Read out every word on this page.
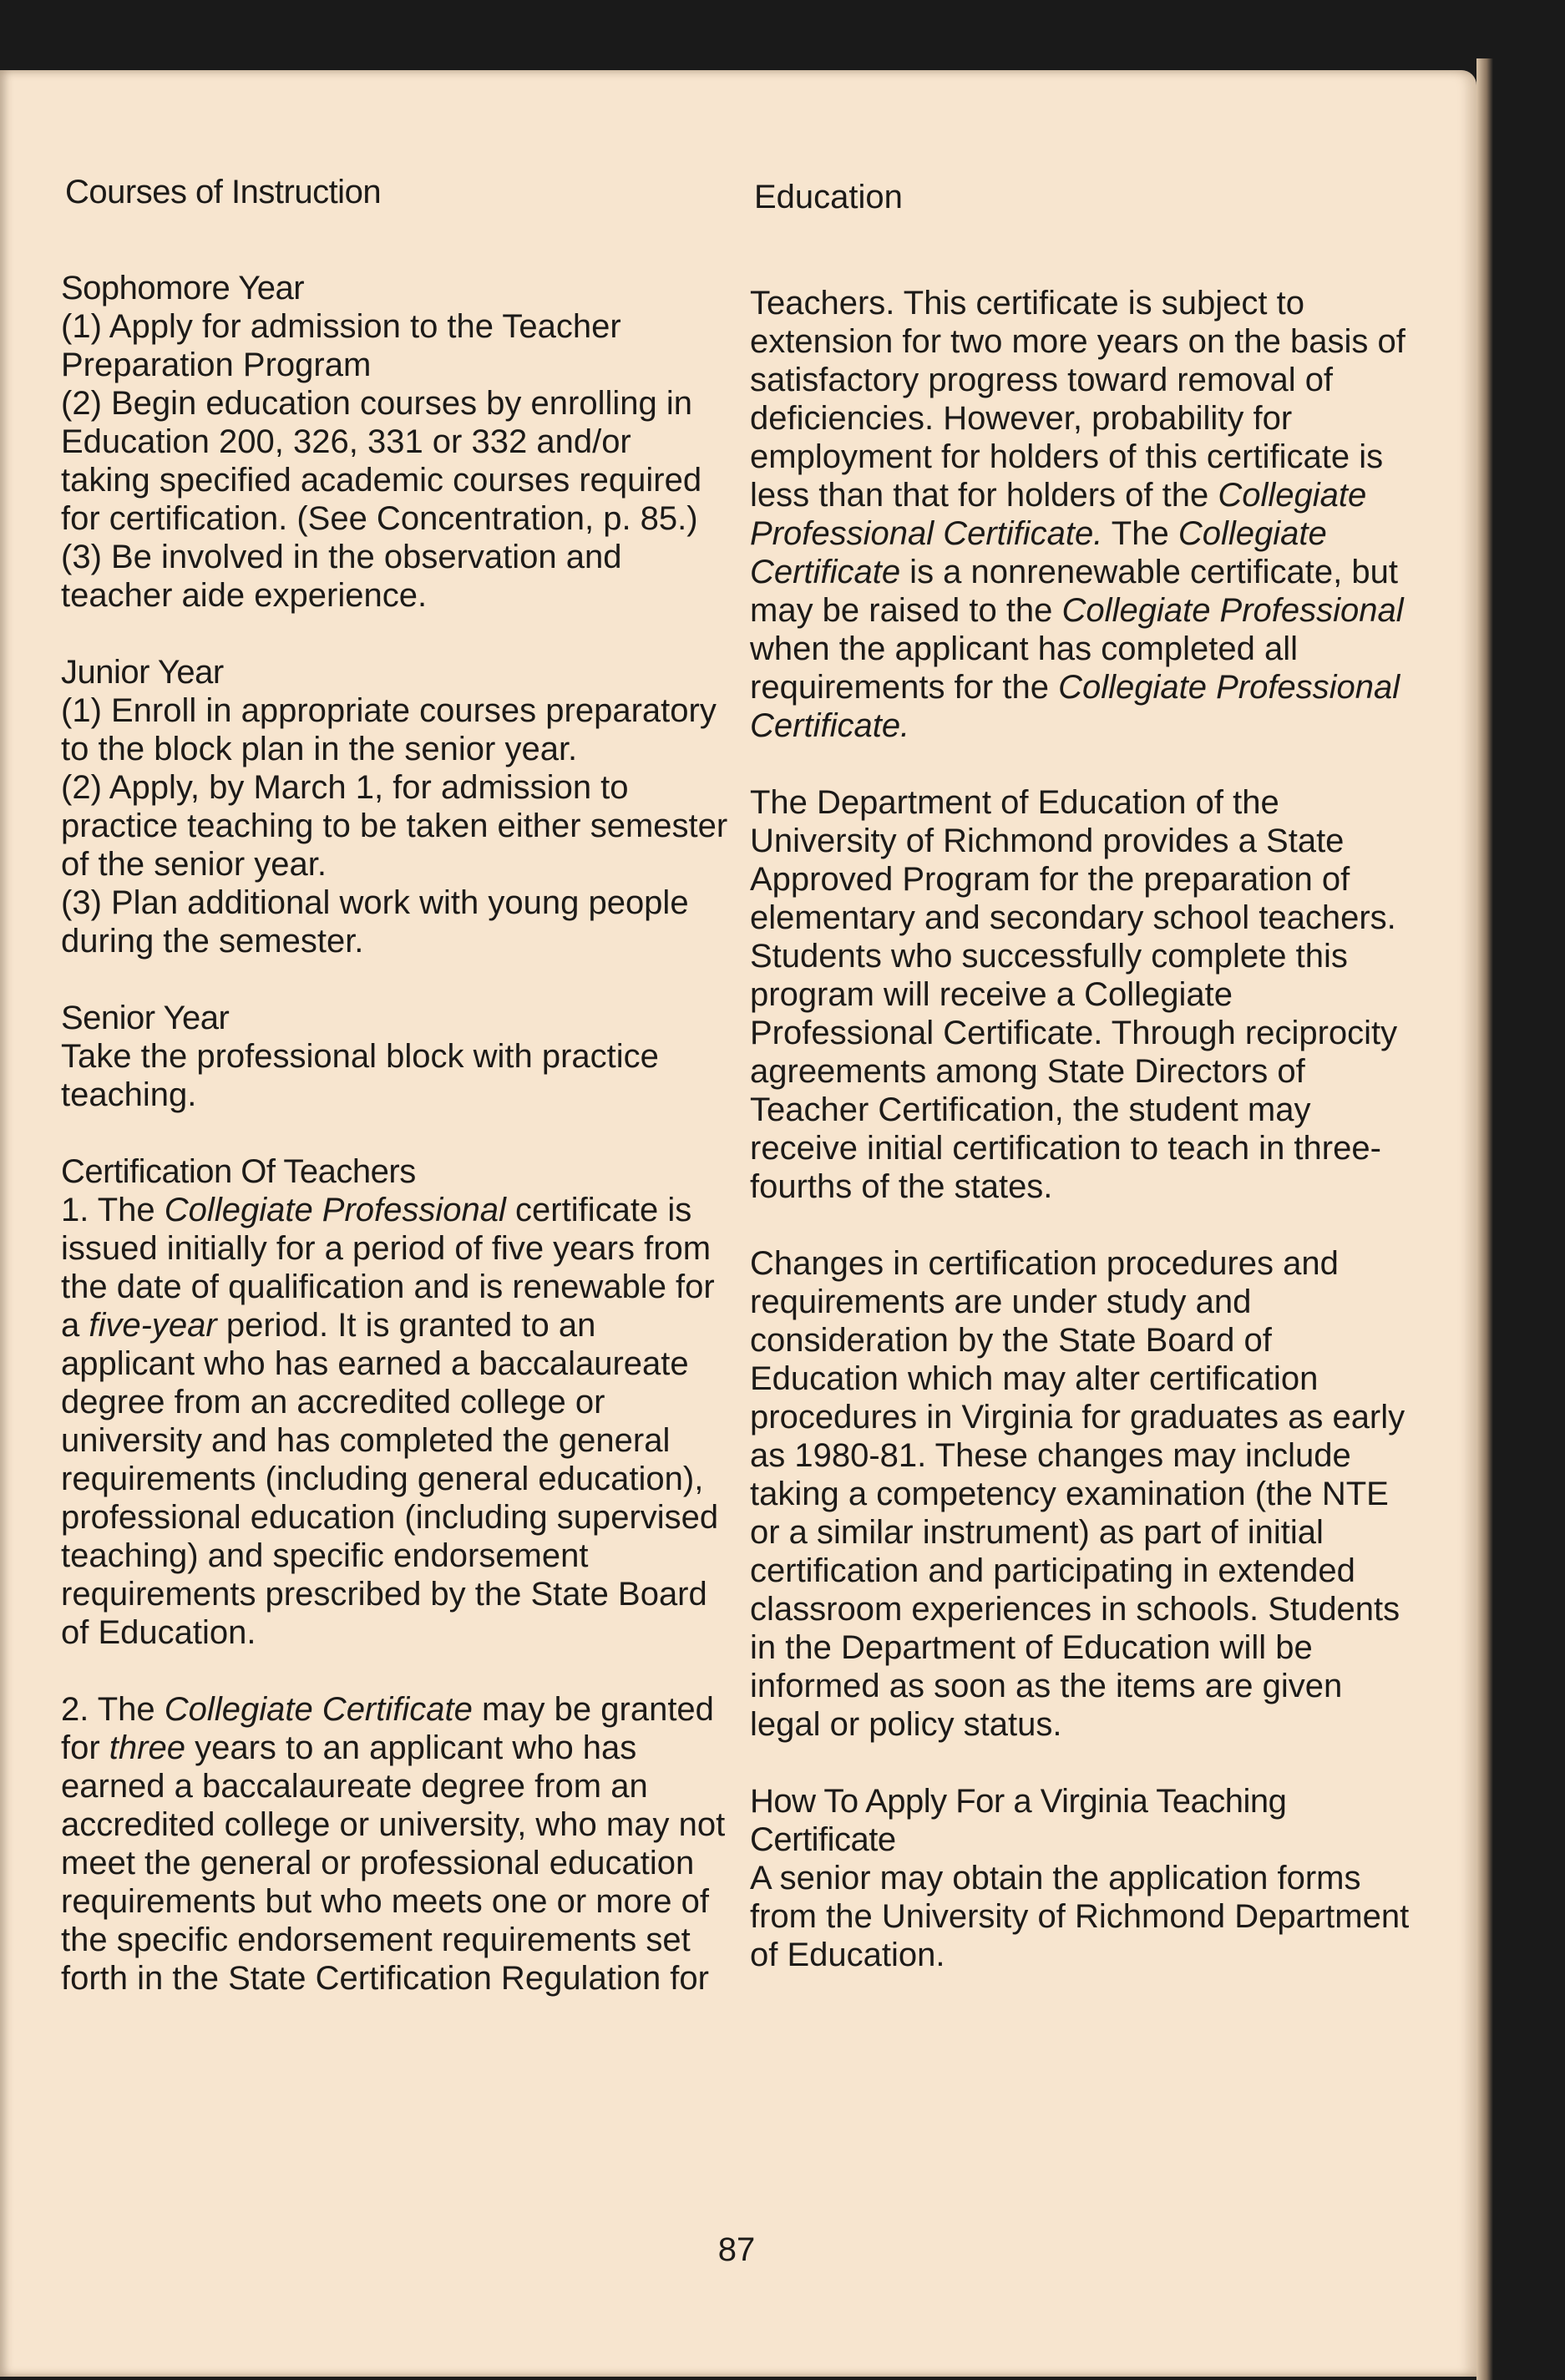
Courses of Instruction	Education
Sophomore Year

(1) Apply for admission to the Teacher Preparation Program

(2) Begin education courses by enrolling in Education 200, 326, 331 or 332 and/or taking specified academic courses required for certification. (See Concentration, p. 85.)

(3) Be involved in the observation and teacher aide experience.

Junior Year

(1) Enroll in appropriate courses preparatory to the block plan in the senior year.

(2) Apply, by March 1, for admission to practice teaching to be taken either semester of the senior year.

(3) Plan additional work with young people during the semester.

Senior Year

Take the professional block with practice teaching.

Certification Of Teachers

1. The Collegiate Professional certificate is issued initially for a period of five years from the date of qualification and is renewable for a five-year period. It is granted to an applicant who has earned a baccalaureate degree from an accredited college or university and has completed the general requirements (including general education), professional education (including supervised teaching) and specific endorsement requirements prescribed by the State Board of Education.

2. The Collegiate Certificate may be granted for three years to an applicant who has earned a baccalaureate degree from an accredited college or university, who may not meet the general or professional education requirements but who meets one or more of the specific endorsement requirements set forth in the State Certification Regulation for

Teachers. This certificate is subject to extension for two more years on the basis of satisfactory progress toward removal of deficiencies. However, probability for employment for holders of this certificate is less than that for holders of the Collegiate Professional Certificate. The Collegiate Certificate is a nonrenewable certificate, but may be raised to the Collegiate Professional when the applicant has completed all requirements for the Collegiate Professional Certificate.

The Department of Education of the University of Richmond provides a State Approved Program for the preparation of elementary and secondary school teachers. Students who successfully complete this program will receive a Collegiate Professional Certificate. Through reciprocity agreements among State Directors of Teacher Certification, the student may receive initial certification to teach in three-fourths of the states.

Changes in certification procedures and requirements are under study and consideration by the State Board of Education which may alter certification procedures in Virginia for graduates as early as 1980-81. These changes may include taking a competency examination (the NTE or a similar instrument) as part of initial certification and participating in extended classroom experiences in schools. Students in the Department of Education will be informed as soon as the items are given legal or policy status.

How To Apply For a Virginia Teaching Certificate

A senior may obtain the application forms from the University of Richmond Department of Education.

87
